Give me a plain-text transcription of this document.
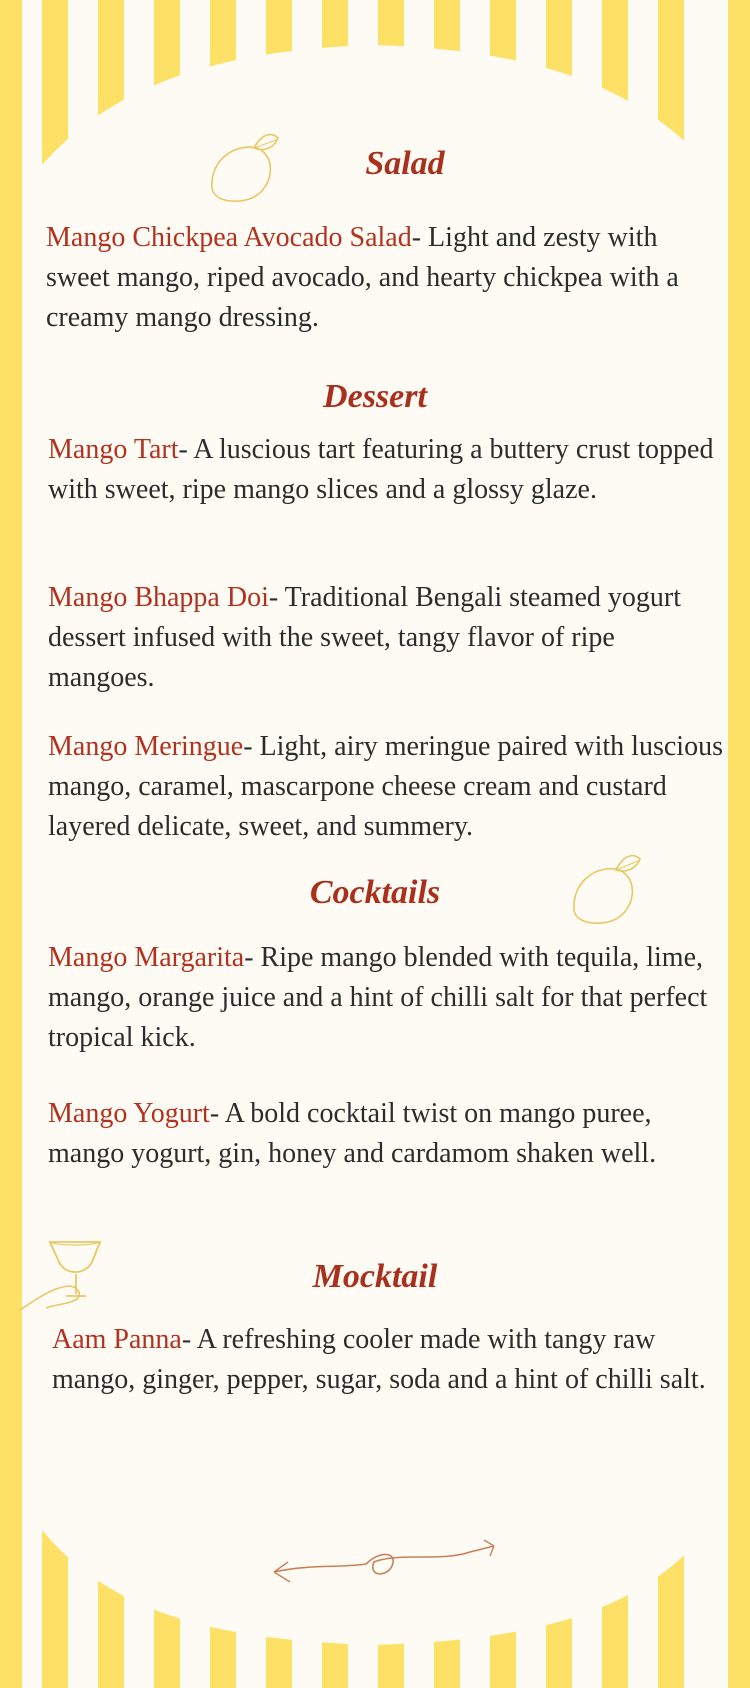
Salad
Mango Chickpea Avocado Salad- Light and zesty with sweet mango, riped avocado, and hearty chickpea with a creamy mango dressing.
Dessert
Mango Tart- A luscious tart featuring a buttery crust topped with sweet, ripe mango slices and a glossy glaze.
Mango Bhappa Doi- Traditional Bengali steamed yogurt dessert infused with the sweet, tangy flavor of ripe mangoes.
Mango Meringue- Light, airy meringue paired with luscious mango, caramel, mascarpone cheese cream and custard layered delicate, sweet, and summery.
Cocktails
Mango Margarita- Ripe mango blended with tequila, lime, mango, orange juice and a hint of chilli salt for that perfect tropical kick.
Mango Yogurt- A bold cocktail twist on mango puree, mango yogurt, gin, honey and cardamom shaken well.
Mocktail
Aam Panna- A refreshing cooler made with tangy raw mango, ginger, pepper, sugar, soda and a hint of chilli salt.
